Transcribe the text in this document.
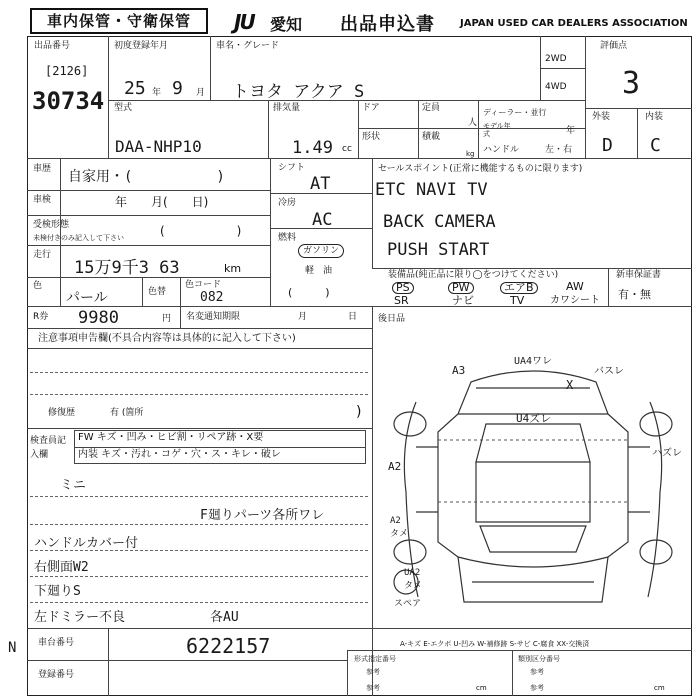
車内保管・守衛保管	JU 愛知 出品申込書	JAPAN USED CAR DEALERS ASSOCIATION
出品番号
[2126]
30734
初度登録年月
25 年 9 月
車名・グレード
トヨタ アクア S
2WD
4WD
評価点
3
型式
DAA-NHP10
排気量
1.49 cc
ドア	定員
人
ディーラー・並行
モデル年式	年
形状	積載
kg ハンドル	左・右
外装	内装
D C
車歴 自家用・(　　　　　　)
車検	年　　月(　　日)
受検形態
未検付きのみ記入して下さい	(　　　　　　)
走行
15万9千3 63	km
色
パール	色替
色コード
082
シフト
AT
冷房
AC
燃料
ガソリン
軽　油
(　　　)
セールスポイント(正常に機能するものに限ります)
ETC NAVI TV
BACK CAMERA
PUSH START
装備品(純正品に限り◯をつけてください)
PS	PW	エアB	AW
SR	ナビ	TV	カワシート
新車保証書
有・無
R券 9980	円 名変通知期限	月	日 後日品
注意事項申告欄(不具合内容等は具体的に記入して下さい)
修復歴	有 (箇所	)
検査員記入欄
FW キズ・凹み・ヒビ割・リペア跡・X要
内装 キズ・汚れ・コゲ・穴・ス・キレ・破レ
ミニ
F廻りパーツ各所ワレ
ハンドルカバー付
右側面W2
下廻りS
左ドミラー不良	各AU
A3
UA4ワレ
X
バスレ
U4ズレ
ハズレ
A2
A2 タメ
UA2 タメ
スペア
A-キズ E-エクボ U-凹み W-補修跡 S-サビ C-腐食 XX-交換済
車台番号	6222157
登録番号
形式指定番号
参考
参考	cm
類別区分番号
参考
参考	cm
N
